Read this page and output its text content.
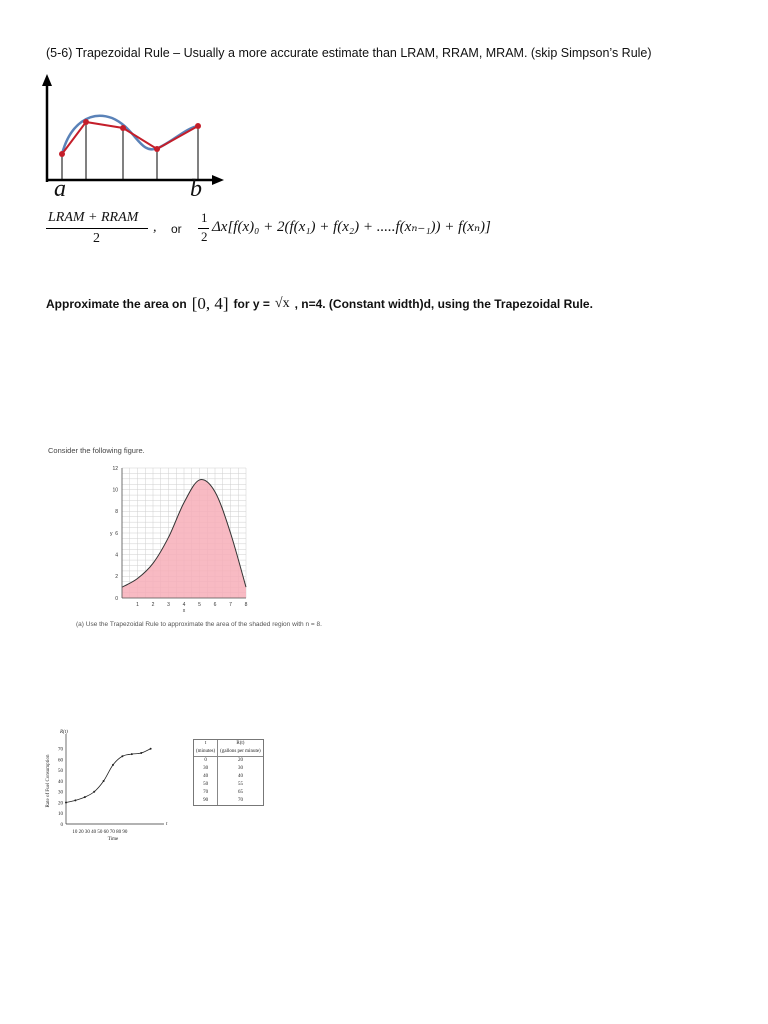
(5-6) Trapezoidal Rule – Usually a more accurate estimate than LRAM, RRAM, MRAM. (skip Simpson’s Rule)
a	b
LRAM + RRAM
2
, or
1
2
Δx[f(x)₀ + 2(f(x₁) + f(x₂) + .....f(xₙ₋₁)) + f(xₙ)]
Approximate the area on [0, 4] for y = √x , n=4. (Constant width)d, using the Trapezoidal Rule.
Consider the following figure.
12
10
8
6
4
2
0
1	2	3	4	5	6	7	8
y
x
(a) Use the Trapezoidal Rule to approximate the area of the shaded region with n = 8.
70
60
50
40
30
20
10
0
10 20 30 40 50 60 70 80 90
Time
t
R(t)
Rate of Fuel Consumption
t	R(t)
(minutes)	(gallons per minute)
0	20
30	30
40	40
50	55
70	65
90	70
